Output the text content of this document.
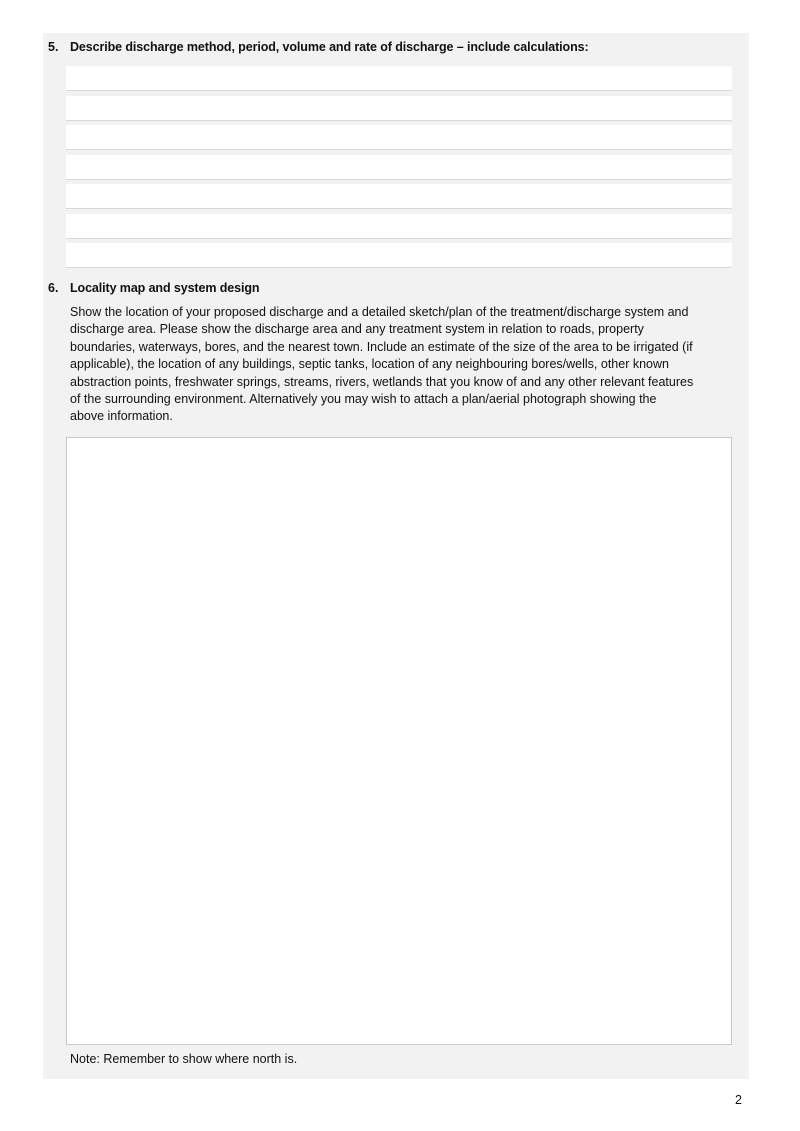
5. Describe discharge method, period, volume and rate of discharge – include calculations:
6. Locality map and system design
Show the location of your proposed discharge and a detailed sketch/plan of the treatment/discharge system and
discharge area. Please show the discharge area and any treatment system in relation to roads, property
boundaries, waterways, bores, and the nearest town. Include an estimate of the size of the area to be irrigated (if
applicable), the location of any buildings, septic tanks, location of any neighbouring bores/wells, other known
abstraction points, freshwater springs, streams, rivers, wetlands that you know of and any other relevant features
of the surrounding environment. Alternatively you may wish to attach a plan/aerial photograph showing the
above information.
Note: Remember to show where north is.
2
